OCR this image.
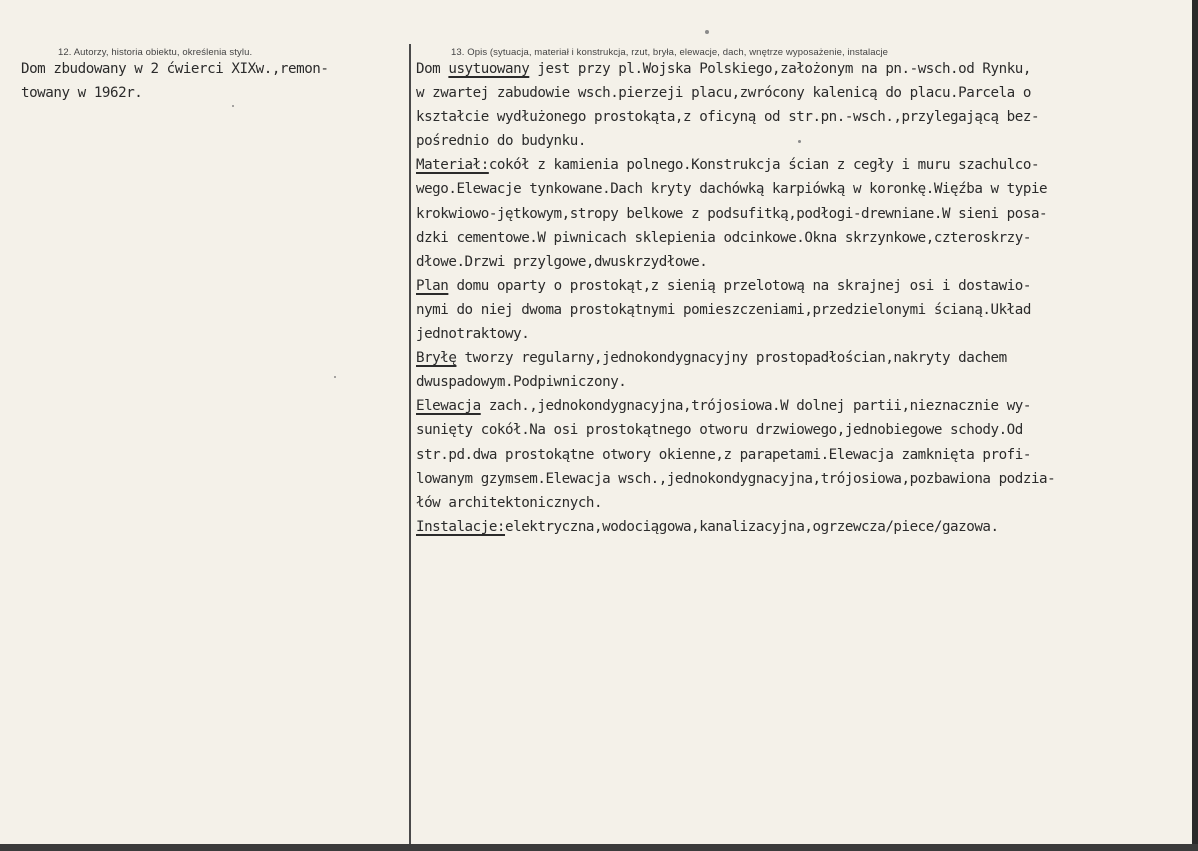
12. Autorzy, historia obiektu, określenia stylu.	13. Opis (sytuacja, materiał i konstrukcja, rzut, bryła, elewacje, dach, wnętrze wyposażenie, instalacje
Dom zbudowany w 2 ćwierci XIXw.,remon-
towany w 1962r.
Dom usytuowany jest przy pl.Wojska Polskiego,założonym na pn.-wsch.od Rynku,
w zwartej zabudowie wsch.pierzeji placu,zwrócony kalenicą do placu.Parcela o
kształcie wydłużonego prostokąta,z oficyną od str.pn.-wsch.,przylegającą bez-
pośrednio do budynku.
Materiał:cokół z kamienia polnego.Konstrukcja ścian z cegły i muru szachulco-
wego.Elewacje tynkowane.Dach kryty dachówką karpiówką w koronkę.Więźba w typie
krokwiowo-jętkowym,stropy belkowe z podsufitką,podłogi-drewniane.W sieni posa-
dzki cementowe.W piwnicach sklepienia odcinkowe.Okna skrzynkowe,czteroskrzy-
dłowe.Drzwi przylgowe,dwuskrzydłowe.
Plan domu oparty o prostokąt,z sienią przelotową na skrajnej osi i dostawio-
nymi do niej dwoma prostokątnymi pomieszczeniami,przedzielonymi ścianą.Układ
jednotraktowy.
Bryłę tworzy regularny,jednokondygnacyjny prostopadłościan,nakryty dachem
dwuspadowym.Podpiwniczony.
Elewacja zach.,jednokondygnacyjna,trójosiowa.W dolnej partii,nieznacznie wy-
sunięty cokół.Na osi prostokątnego otworu drzwiowego,jednobiegowe schody.Od
str.pd.dwa prostokątne otwory okienne,z parapetami.Elewacja zamknięta profi-
lowanym gzymsem.Elewacja wsch.,jednokondygnacyjna,trójosiowa,pozbawiona podzia-
łów architektonicznych.
Instalacje:elektryczna,wodociągowa,kanalizacyjna,ogrzewcza/piece/gazowa.
